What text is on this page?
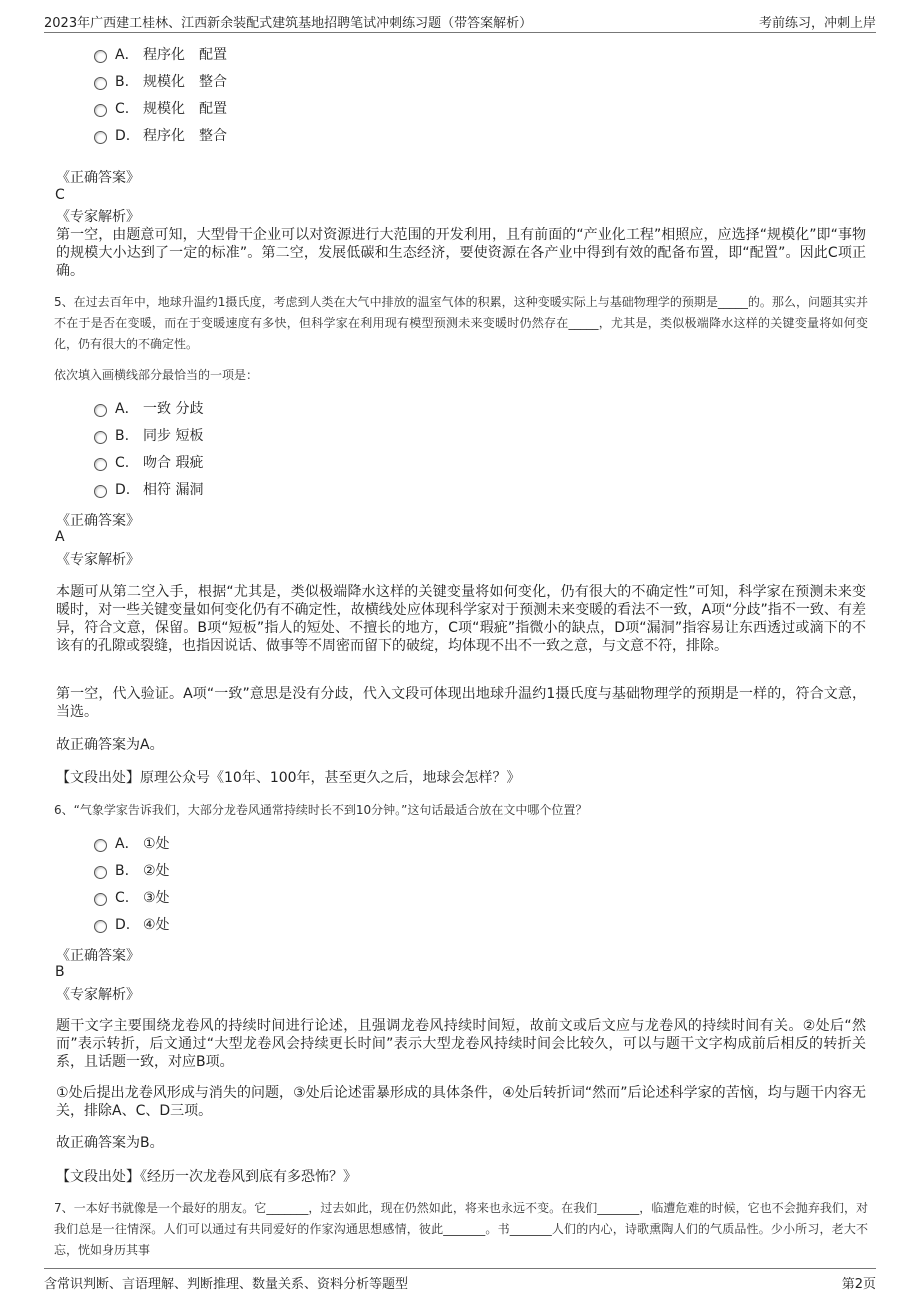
2023年广西建工桂林、江西新余装配式建筑基地招聘笔试冲刺练习题（带答案解析）	考前练习，冲刺上岸
A． 程序化 配置
B. 规模化 整合
C. 规模化 配置
D. 程序化 整合
《正确答案》
C
《专家解析》
第一空，由题意可知，大型骨干企业可以对资源进行大范围的开发利用，且有前面的“产业化工程”相照应，应选择“规模化”即“事物的规模大小达到了一定的标准”。第二空，发展低碳和生态经济，要使资源在各产业中得到有效的配备布置，即“配置”。因此C项正确。
5、在过去百年中，地球升温约1摄氏度，考虑到人类在大气中排放的温室气体的积累，这种变暖实际上与基础物理学的预期是_____的。那么，问题其实并不在于是否在变暖，而在于变暖速度有多快，但科学家在利用现有模型预测未来变暖时仍然存在_____，尤其是，类似极端降水这样的关键变量将如何变化，仍有很大的不确定性。
依次填入画横线部分最恰当的一项是：
A． 一致 分歧
B. 同步 短板
C. 吻合 瑕疵
D. 相符 漏洞
《正确答案》
A
《专家解析》
本题可从第二空入手，根据“尤其是，类似极端降水这样的关键变量将如何变化，仍有很大的不确定性”可知，科学家在预测未来变暖时，对一些关键变量如何变化仍有不确定性，故横线处应体现科学家对于预测未来变暖的看法不一致，A项“分歧”指不一致、有差异，符合文意，保留。B项“短板”指人的短处、不擅长的地方，C项“瑕疵”指微小的缺点，D项“漏洞”指容易让东西透过或滴下的不该有的孔隙或裂缝，也指因说话、做事等不周密而留下的破绽，均体现不出不一致之意，与文意不符，排除。
第一空，代入验证。A项“一致”意思是没有分歧，代入文段可体现出地球升温约1摄氏度与基础物理学的预期是一样的，符合文意，当选。
故正确答案为A。
【文段出处】原理公众号《10年、100年，甚至更久之后，地球会怎样？》
6、“气象学家告诉我们，大部分龙卷风通常持续时长不到10分钟。”这句话最适合放在文中哪个位置？
A． ①处
B. ②处
C. ③处
D. ④处
《正确答案》
B
《专家解析》
题干文字主要围绕龙卷风的持续时间进行论述，且强调龙卷风持续时间短，故前文或后文应与龙卷风的持续时间有关。②处后“然而”表示转折，后文通过“大型龙卷风会持续更长时间”表示大型龙卷风持续时间会比较久，可以与题干文字构成前后相反的转折关系，且话题一致，对应B项。
①处后提出龙卷风形成与消失的问题，③处后论述雷暴形成的具体条件，④处后转折词“然而”后论述科学家的苦恼，均与题干内容无关，排除A、C、D三项。
故正确答案为B。
【文段出处】《经历一次龙卷风到底有多恐怖？》
7、一本好书就像是一个最好的朋友。它_______，过去如此，现在仍然如此，将来也永远不变。在我们_______，临遭危难的时候，它也不会抛弃我们，对我们总是一往情深。人们可以通过有共同爱好的作家沟通思想感情，彼此_______。书_______人们的内心，诗歌熏陶人们的气质品性。少小所习，老大不忘，恍如身历其事
含常识判断、言语理解、判断推理、数量关系、资料分析等题型	第2页
